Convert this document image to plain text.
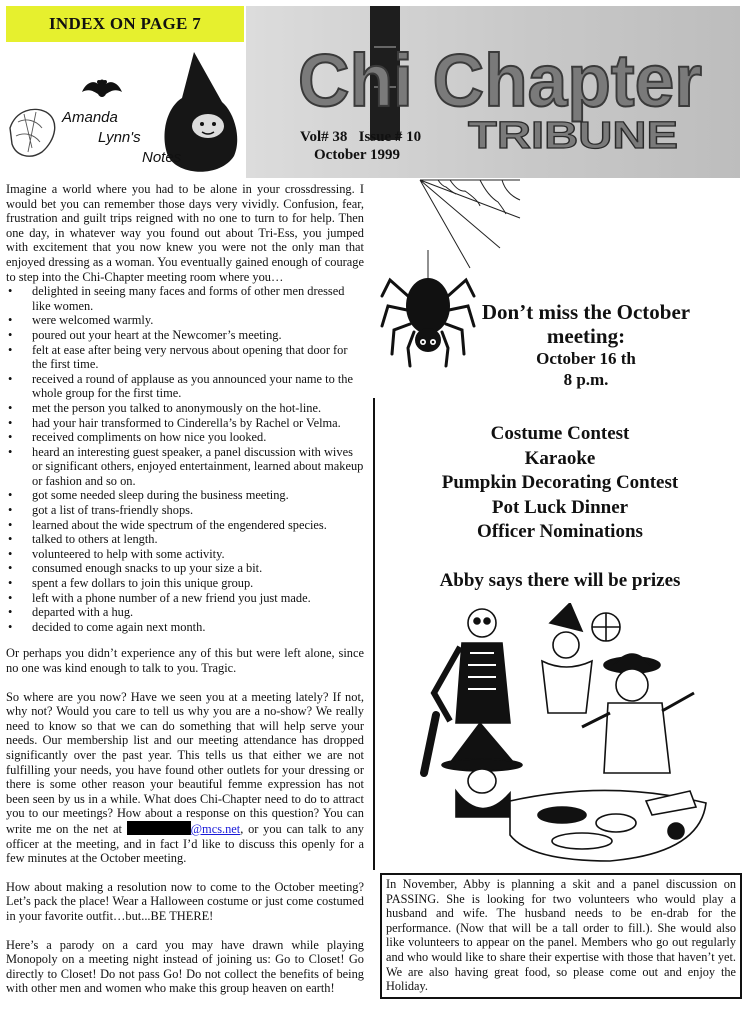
INDEX ON PAGE 7
Chi Chapter
TRIBUNE
Amanda
Lynn's
Notes
Vol# 38 Issue # 10
October 1999

Imagine a world where you had to be alone in your crossdressing. I would bet you can remember those days very vividly. Confusion, fear, frustration and guilt trips reigned with no one to turn to for help. Then one day, in whatever way you found out about Tri-Ess, you jumped with excitement that you now knew you were not the only man that enjoyed dressing as a woman. You eventually gained enough of courage to step into the Chi-Chapter meeting room where you…

• delighted in seeing many faces and forms of other men dressed like women.
• were welcomed warmly.
• poured out your heart at the Newcomer’s meeting.
• felt at ease after being very nervous about opening that door for the first time.
• received a round of applause as you announced your name to the whole group for the first time.
• met the person you talked to anonymously on the hot-line.
• had your hair transformed to Cinderella’s by Rachel or Velma.
• received compliments on how nice you looked.
• heard an interesting guest speaker, a panel discussion with wives or significant others, enjoyed entertainment, learned about makeup or fashion and so on.
• got some needed sleep during the business meeting.
• got a list of trans-friendly shops.
• learned about the wide spectrum of the engendered species.
• talked to others at length.
• volunteered to help with some activity.
• consumed enough snacks to up your size a bit.
• spent a few dollars to join this unique group.
• left with a phone number of a new friend you just made.
• departed with a hug.
• decided to come again next month.

Or perhaps you didn’t experience any of this but were left alone, since no one was kind enough to talk to you. Tragic.

So where are you now? Have we seen you at a meeting lately? If not, why not? Would you care to tell us why you are a no-show? We really need to know so that we can do something that will help serve your needs. Our membership list and our meeting attendance has dropped significantly over the past year. This tells us that either we are not fulfilling your needs, you have found other outlets for your dressing or there is some other reason your beautiful femme expression has not been seen by us in a while. What does Chi-Chapter need to do to attract you to our meetings? How about a response on this question? You can write me on the net at	@mcs.net, or you can talk to any officer at the meeting, and in fact I’d like to discuss this openly for a few minutes at the October meeting.

How about making a resolution now to come to the October meeting? Let’s pack the place! Wear a Halloween costume or just come costumed in your favorite outfit…but...BE THERE!

Here’s a parody on a card you may have drawn while playing Monopoly on a meeting night instead of joining us: Go to Closet! Go directly to Closet! Do not pass Go! Do not collect the benefits of being with other men and women who make this group heaven on earth!

Don’t miss the October
meeting:
October 16 th
8 p.m.
Costume Contest
Karaoke
Pumpkin Decorating Contest
Pot Luck Dinner
Officer Nominations
Abby says there will be prizes
In November, Abby is planning a skit and a panel discussion on PASSING. She is looking for two volunteers who would play a husband and wife. The husband needs to be en-drab for the performance. (Now that will be a tall order to fill.). She would also like volunteers to appear on the panel. Members who go out regularly and who would like to share their expertise with those that haven’t yet. We are also having great food, so please come out and enjoy the Holiday.
